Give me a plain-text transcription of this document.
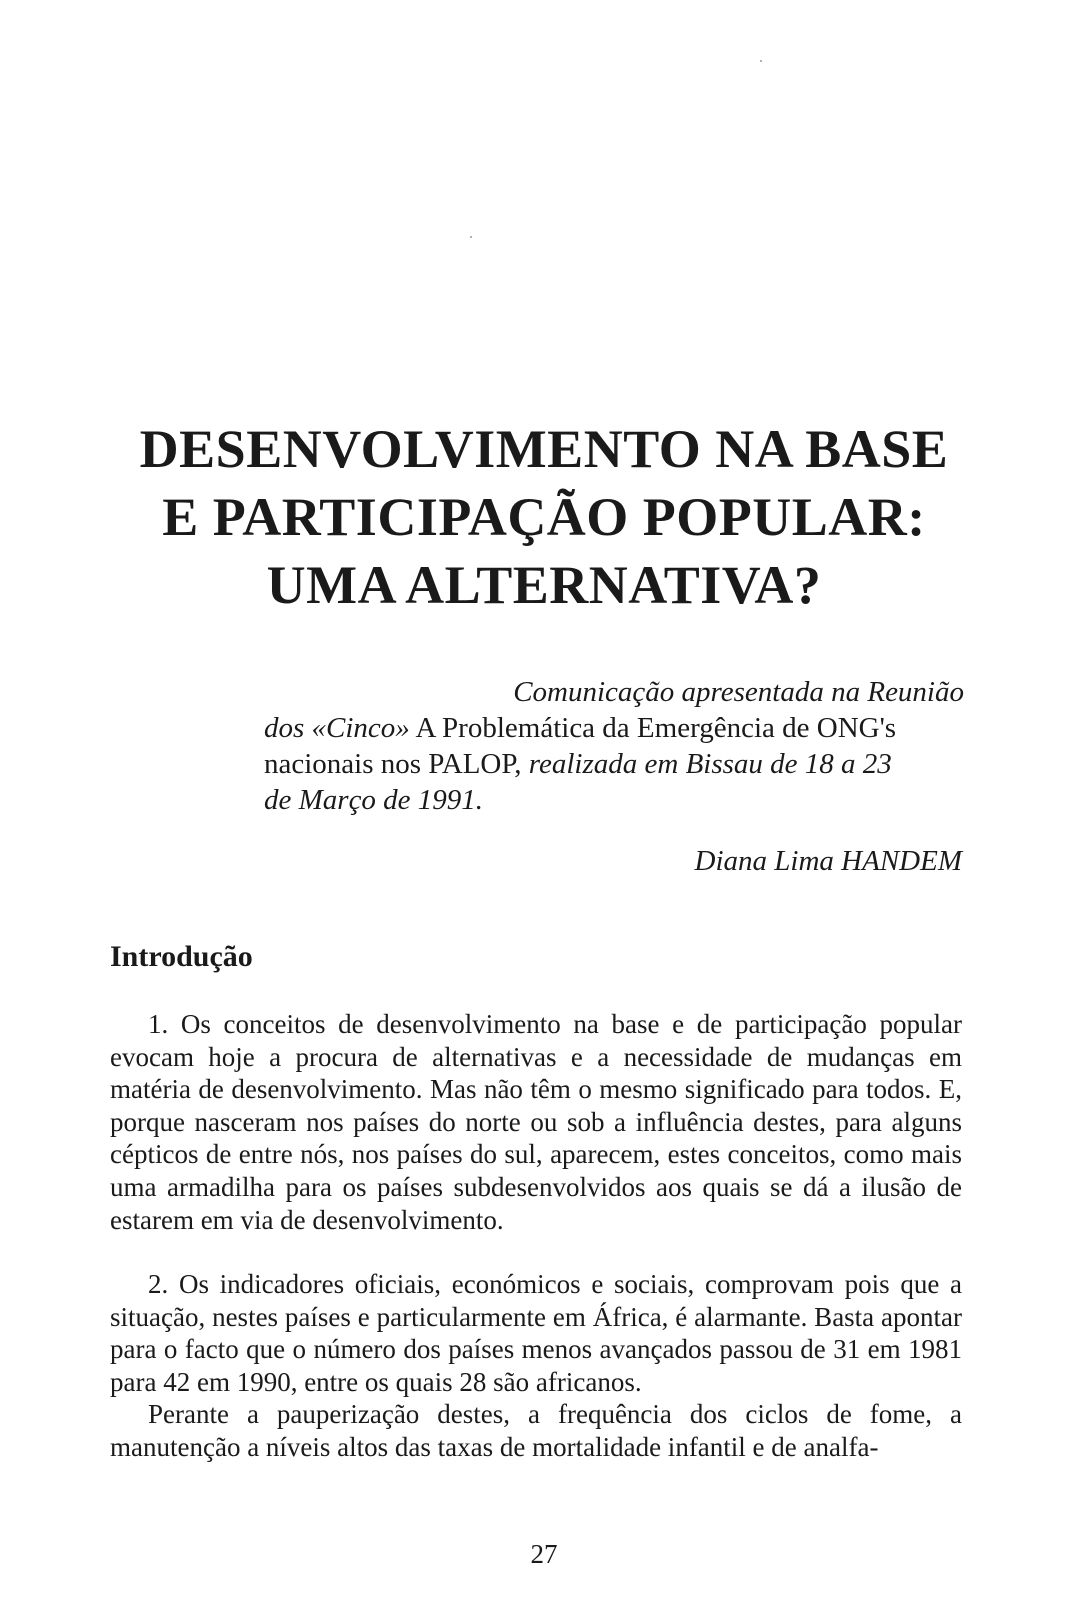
DESENVOLVIMENTO NA BASE
E PARTICIPAÇÃO POPULAR:
UMA ALTERNATIVA?
Comunicação apresentada na Reunião
dos «Cinco» A Problemática da Emergência de ONG's
nacionais nos PALOP, realizada em Bissau de 18 a 23
de Março de 1991.
Diana Lima HANDEM
Introdução

1. Os conceitos de desenvolvimento na base e de participação popular evocam hoje a procura de alternativas e a necessidade de mudanças em matéria de desenvolvimento. Mas não têm o mesmo significado para todos. E, porque nasceram nos países do norte ou sob a influência destes, para alguns cépticos de entre nós, nos países do sul, aparecem, estes conceitos, como mais uma armadilha para os países subdesenvolvidos aos quais se dá a ilusão de estarem em via de desenvolvimento.

2. Os indicadores oficiais, económicos e sociais, comprovam pois que a situação, nestes países e particularmente em África, é alarmante. Basta apontar para o facto que o número dos países menos avançados passou de 31 em 1981 para 42 em 1990, entre os quais 28 são africanos.

Perante a pauperização destes, a frequência dos ciclos de fome, a manutenção a níveis altos das taxas de mortalidade infantil e de analfa-

27
